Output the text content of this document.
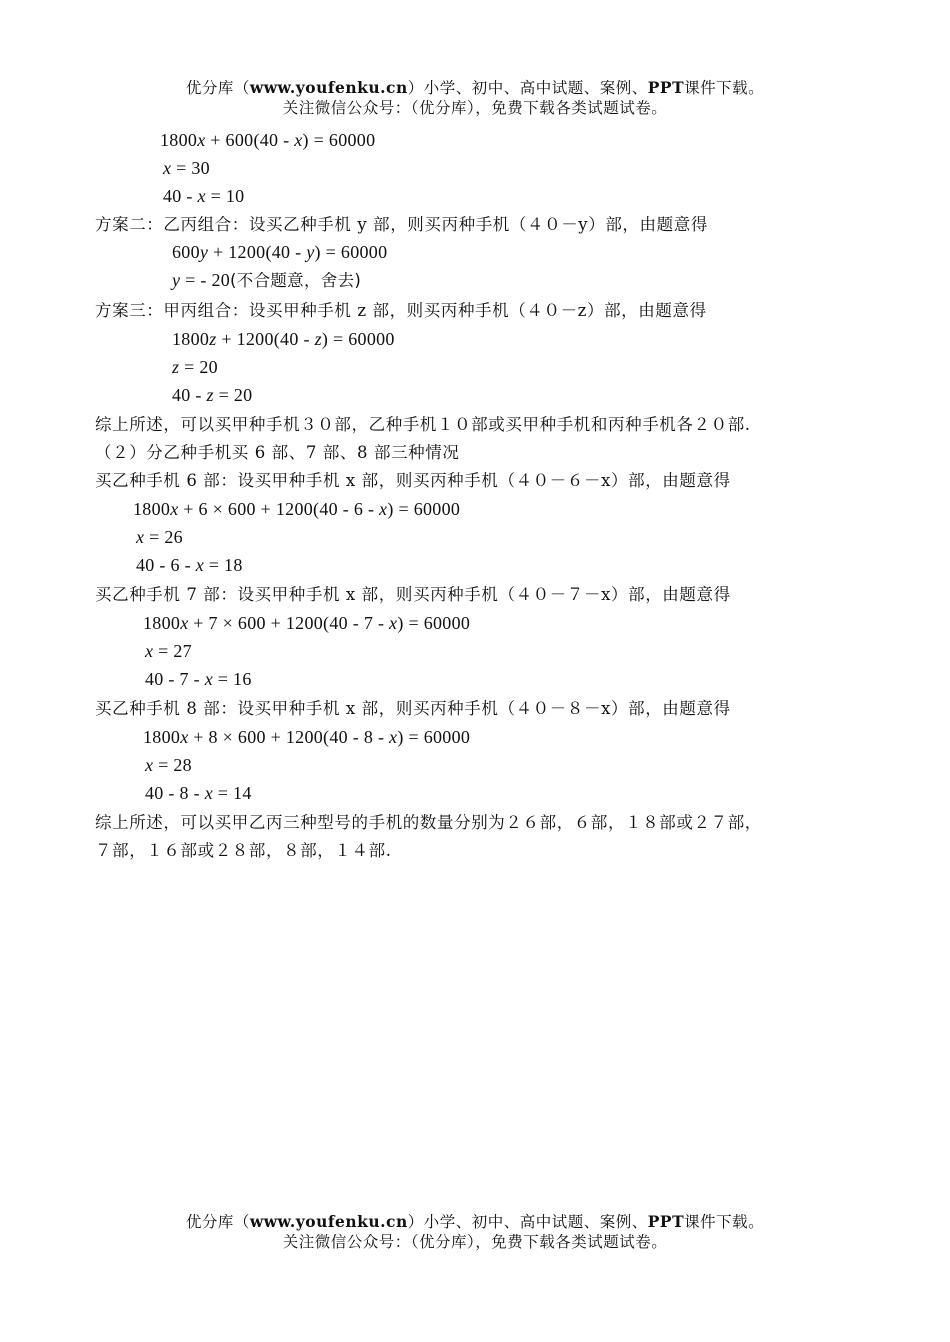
优分库（www.youfenku.cn）小学、初中、高中试题、案例、PPT课件下载。
关注微信公众号：（优分库），免费下载各类试题试卷。
1800x + 600(40 - x) = 60000
x = 30
40 - x = 10
方案二：乙丙组合：设买乙种手机 y 部，则买丙种手机（４０－y）部，由题意得
600y + 1200(40 - y) = 60000
y = - 20(不合题意，舍去)
方案三：甲丙组合：设买甲种手机 z 部，则买丙种手机（４０－z）部，由题意得
1800z + 1200(40 - z) = 60000
z = 20
40 - z = 20
综上所述，可以买甲种手机３０部，乙种手机１０部或买甲种手机和丙种手机各２０部.
（２）分乙种手机买 6 部、7 部、8 部三种情况
买乙种手机 6 部：设买甲种手机 x 部，则买丙种手机（４０－６－x）部，由题意得
1800x + 6 × 600 + 1200(40 - 6 - x) = 60000
x = 26
40 - 6 - x = 18
买乙种手机 7 部：设买甲种手机 x 部，则买丙种手机（４０－７－x）部，由题意得
1800x + 7 × 600 + 1200(40 - 7 - x) = 60000
x = 27
40 - 7 - x = 16
买乙种手机 8 部：设买甲种手机 x 部，则买丙种手机（４０－８－x）部，由题意得
1800x + 8 × 600 + 1200(40 - 8 - x) = 60000
x = 28
40 - 8 - x = 14
综上所述，可以买甲乙丙三种型号的手机的数量分别为２６部，６部，１８部或２７部，
７部，１６部或２８部，８部，１４部.
优分库（www.youfenku.cn）小学、初中、高中试题、案例、PPT课件下载。
关注微信公众号：（优分库），免费下载各类试题试卷。
